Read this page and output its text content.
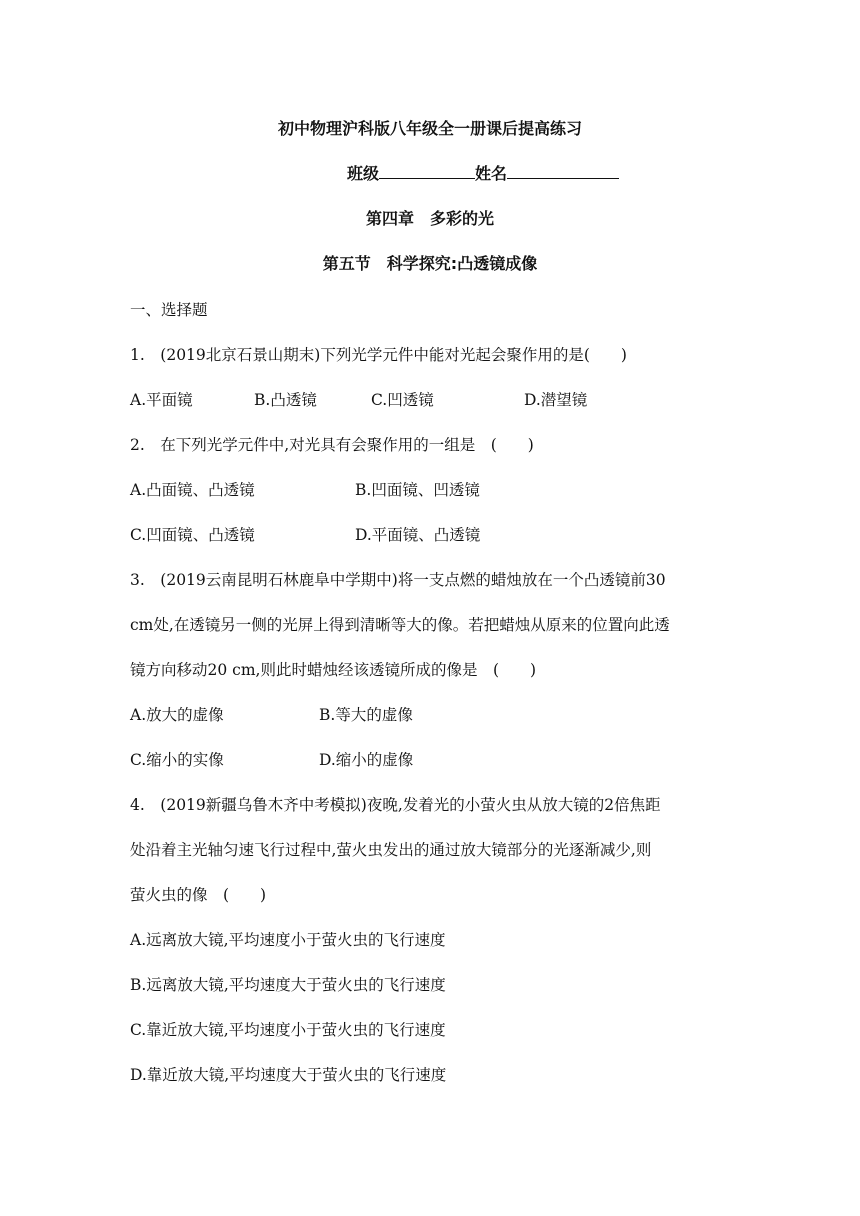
初中物理沪科版八年级全一册课后提高练习
班级	姓名
第四章　多彩的光
第五节　科学探究:凸透镜成像
一、选择题
1.　(2019北京石景山期末)下列光学元件中能对光起会聚作用的是(　　)
A.平面镜	B.凸透镜	C.凹透镜	D.潜望镜
2.　在下列光学元件中,对光具有会聚作用的一组是　(　　)
A.凸面镜、凸透镜	B.凹面镜、凹透镜
C.凹面镜、凸透镜	D.平面镜、凸透镜
3.　(2019云南昆明石林鹿阜中学期中)将一支点燃的蜡烛放在一个凸透镜前30
cm处,在透镜另一侧的光屏上得到清晰等大的像。若把蜡烛从原来的位置向此透
镜方向移动20 cm,则此时蜡烛经该透镜所成的像是　(　　)
A.放大的虚像	B.等大的虚像
C.缩小的实像	D.缩小的虚像
4.　(2019新疆乌鲁木齐中考模拟)夜晚,发着光的小萤火虫从放大镜的2倍焦距
处沿着主光轴匀速飞行过程中,萤火虫发出的通过放大镜部分的光逐渐减少,则
萤火虫的像　(　　)
A.远离放大镜,平均速度小于萤火虫的飞行速度
B.远离放大镜,平均速度大于萤火虫的飞行速度
C.靠近放大镜,平均速度小于萤火虫的飞行速度
D.靠近放大镜,平均速度大于萤火虫的飞行速度
